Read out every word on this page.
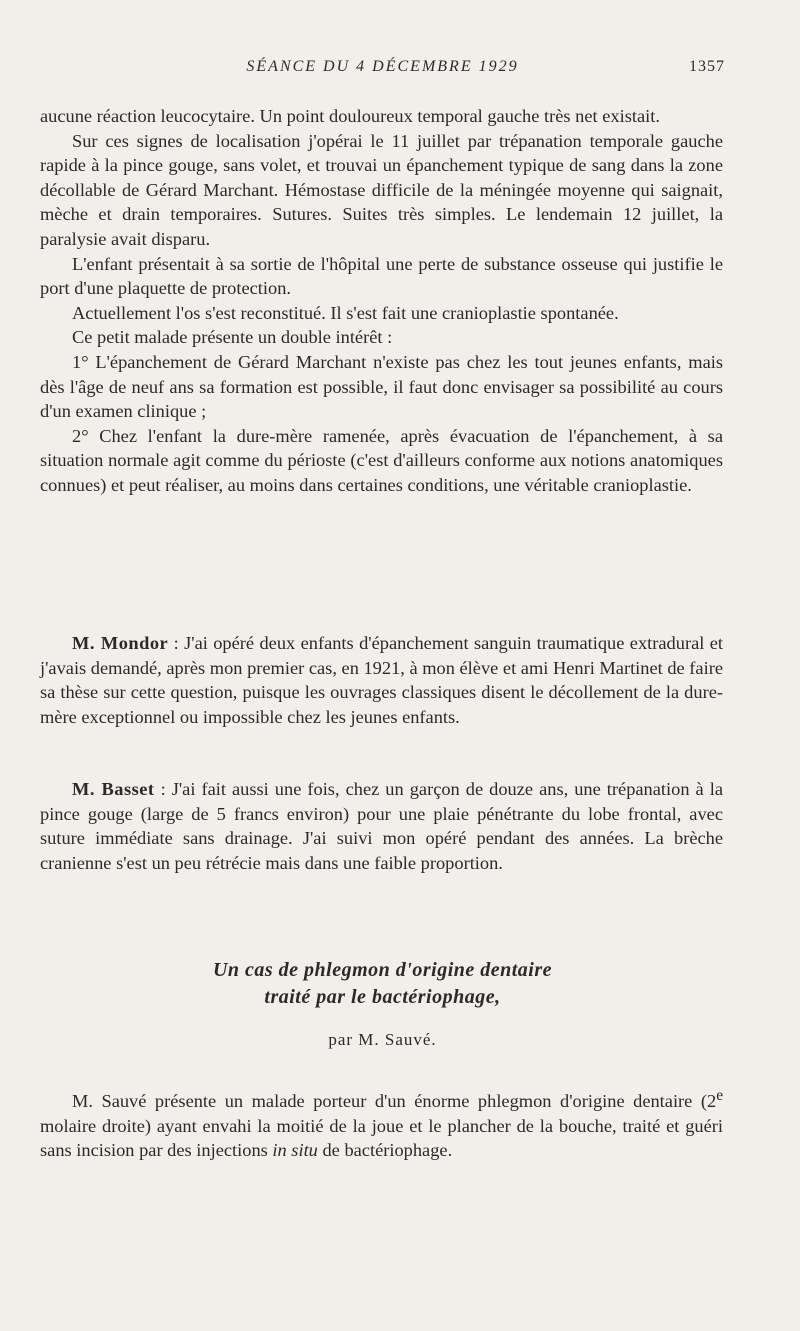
SÉANCE DU 4 DÉCEMBRE 1929	1357

aucune réaction leucocytaire. Un point douloureux temporal gauche très net existait.

Sur ces signes de localisation j'opérai le 11 juillet par trépanation temporale gauche rapide à la pince gouge, sans volet, et trouvai un épanchement typique de sang dans la zone décollable de Gérard Marchant. Hémostase difficile de la méningée moyenne qui saignait, mèche et drain temporaires. Sutures. Suites très simples. Le lendemain 12 juillet, la paralysie avait disparu.

L'enfant présentait à sa sortie de l'hôpital une perte de substance osseuse qui justifie le port d'une plaquette de protection.

Actuellement l'os s'est reconstitué. Il s'est fait une cranioplastie spontanée.

Ce petit malade présente un double intérêt :

1° L'épanchement de Gérard Marchant n'existe pas chez les tout jeunes enfants, mais dès l'âge de neuf ans sa formation est possible, il faut donc envisager sa possibilité au cours d'un examen clinique ;

2° Chez l'enfant la dure-mère ramenée, après évacuation de l'épanchement, à sa situation normale agit comme du périoste (c'est d'ailleurs conforme aux notions anatomiques connues) et peut réaliser, au moins dans certaines conditions, une véritable cranioplastie.

M. Mondor : J'ai opéré deux enfants d'épanchement sanguin traumatique extradural et j'avais demandé, après mon premier cas, en 1921, à mon élève et ami Henri Martinet de faire sa thèse sur cette question, puisque les ouvrages classiques disent le décollement de la dure-mère exceptionnel ou impossible chez les jeunes enfants.

M. Basset : J'ai fait aussi une fois, chez un garçon de douze ans, une trépanation à la pince gouge (large de 5 francs environ) pour une plaie pénétrante du lobe frontal, avec suture immédiate sans drainage. J'ai suivi mon opéré pendant des années. La brèche cranienne s'est un peu rétrécie mais dans une faible proportion.

Un cas de phlegmon d'origine dentaire
traité par le bactériophage,
par M. Sauvé.

M. Sauvé présente un malade porteur d'un énorme phlegmon d'origine dentaire (2e molaire droite) ayant envahi la moitié de la joue et le plancher de la bouche, traité et guéri sans incision par des injections in situ de bactériophage.
